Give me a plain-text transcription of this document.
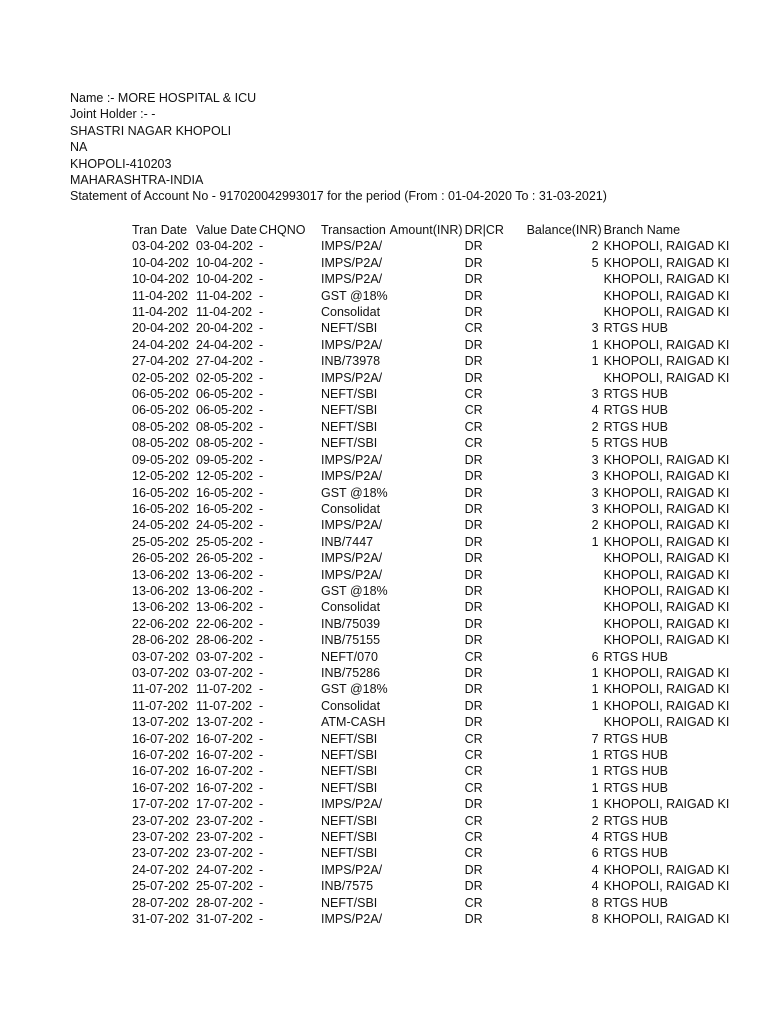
Name :- MORE HOSPITAL & ICU
Joint Holder :- -
SHASTRI NAGAR KHOPOLI
NA
KHOPOLI-410203
MAHARASHTRA-INDIA
Statement of Account No - 917020042993017 for the period (From : 01-04-2020 To : 31-03-2021)
Tran Date	Value Date	CHQNO	Transaction	Amount(INR)	DR|CR	Balance(INR)	Branch Name
03-04-202	03-04-202	-	IMPS/P2A/		DR	2	KHOPOLI, RAIGAD KI
10-04-202	10-04-202	-	IMPS/P2A/		DR	5	KHOPOLI, RAIGAD KI
10-04-202	10-04-202	-	IMPS/P2A/		DR		KHOPOLI, RAIGAD KI
11-04-202	11-04-202	-	GST @18%		DR		KHOPOLI, RAIGAD KI
11-04-202	11-04-202	-	Consolidat		DR		KHOPOLI, RAIGAD KI
20-04-202	20-04-202	-	NEFT/SBI		CR	3	RTGS HUB
24-04-202	24-04-202	-	IMPS/P2A/		DR	1	KHOPOLI, RAIGAD KI
27-04-202	27-04-202	-	INB/73978		DR	1	KHOPOLI, RAIGAD KI
02-05-202	02-05-202	-	IMPS/P2A/		DR		KHOPOLI, RAIGAD KI
06-05-202	06-05-202	-	NEFT/SBI		CR	3	RTGS HUB
06-05-202	06-05-202	-	NEFT/SBI		CR	4	RTGS HUB
08-05-202	08-05-202	-	NEFT/SBI		CR	2	RTGS HUB
08-05-202	08-05-202	-	NEFT/SBI		CR	5	RTGS HUB
09-05-202	09-05-202	-	IMPS/P2A/		DR	3	KHOPOLI, RAIGAD KI
12-05-202	12-05-202	-	IMPS/P2A/		DR	3	KHOPOLI, RAIGAD KI
16-05-202	16-05-202	-	GST @18%		DR	3	KHOPOLI, RAIGAD KI
16-05-202	16-05-202	-	Consolidat		DR	3	KHOPOLI, RAIGAD KI
24-05-202	24-05-202	-	IMPS/P2A/		DR	2	KHOPOLI, RAIGAD KI
25-05-202	25-05-202	-	INB/7447		DR	1	KHOPOLI, RAIGAD KI
26-05-202	26-05-202	-	IMPS/P2A/		DR		KHOPOLI, RAIGAD KI
13-06-202	13-06-202	-	IMPS/P2A/		DR		KHOPOLI, RAIGAD KI
13-06-202	13-06-202	-	GST @18%		DR		KHOPOLI, RAIGAD KI
13-06-202	13-06-202	-	Consolidat		DR		KHOPOLI, RAIGAD KI
22-06-202	22-06-202	-	INB/75039		DR		KHOPOLI, RAIGAD KI
28-06-202	28-06-202	-	INB/75155		DR		KHOPOLI, RAIGAD KI
03-07-202	03-07-202	-	NEFT/070		CR	6	RTGS HUB
03-07-202	03-07-202	-	INB/75286		DR	1	KHOPOLI, RAIGAD KI
11-07-202	11-07-202	-	GST @18%		DR	1	KHOPOLI, RAIGAD KI
11-07-202	11-07-202	-	Consolidat		DR	1	KHOPOLI, RAIGAD KI
13-07-202	13-07-202	-	ATM-CASH		DR		KHOPOLI, RAIGAD KI
16-07-202	16-07-202	-	NEFT/SBI		CR	7	RTGS HUB
16-07-202	16-07-202	-	NEFT/SBI		CR	1	RTGS HUB
16-07-202	16-07-202	-	NEFT/SBI		CR	1	RTGS HUB
16-07-202	16-07-202	-	NEFT/SBI		CR	1	RTGS HUB
17-07-202	17-07-202	-	IMPS/P2A/		DR	1	KHOPOLI, RAIGAD KI
23-07-202	23-07-202	-	NEFT/SBI		CR	2	RTGS HUB
23-07-202	23-07-202	-	NEFT/SBI		CR	4	RTGS HUB
23-07-202	23-07-202	-	NEFT/SBI		CR	6	RTGS HUB
24-07-202	24-07-202	-	IMPS/P2A/		DR	4	KHOPOLI, RAIGAD KI
25-07-202	25-07-202	-	INB/7575		DR	4	KHOPOLI, RAIGAD KI
28-07-202	28-07-202	-	NEFT/SBI		CR	8	RTGS HUB
31-07-202	31-07-202	-	IMPS/P2A/		DR	8	KHOPOLI, RAIGAD KI
